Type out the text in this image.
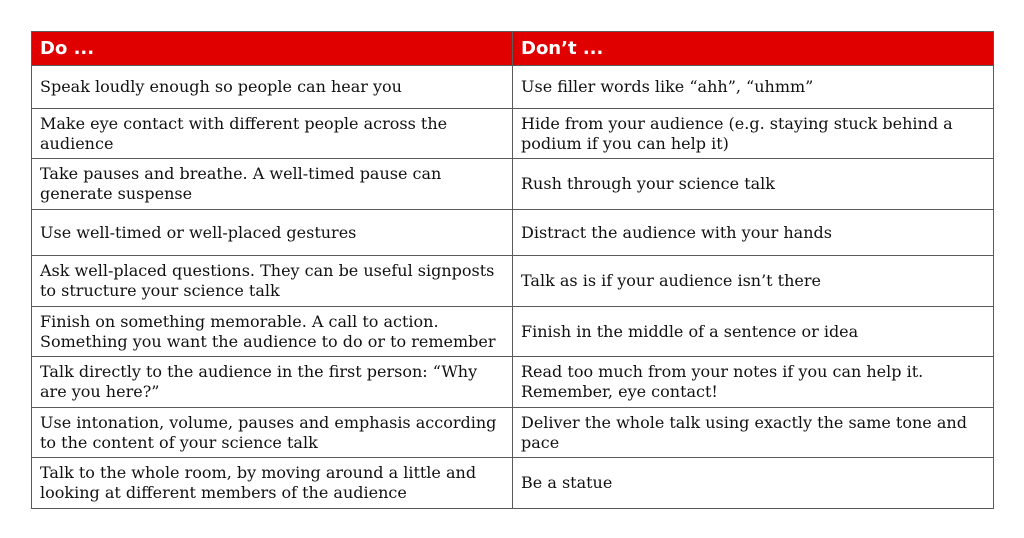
Do ...	Don’t ...
Speak loudly enough so people can hear you	Use filler words like “ahh”, “uhmm”
Make eye contact with different people across the audience	Hide from your audience (e.g. staying stuck behind a podium if you can help it)
Take pauses and breathe. A well-timed pause can generate suspense	Rush through your science talk
Use well-timed or well-placed gestures	Distract the audience with your hands
Ask well-placed questions. They can be useful signposts to structure your science talk	Talk as is if your audience isn’t there
Finish on something memorable. A call to action. Something you want the audience to do or to remember	Finish in the middle of a sentence or idea
Talk directly to the audience in the first person: “Why are you here?”	Read too much from your notes if you can help it. Remember, eye contact!
Use intonation, volume, pauses and emphasis according to the content of your science talk	Deliver the whole talk using exactly the same tone and pace
Talk to the whole room, by moving around a little and looking at different members of the audience	Be a statue
